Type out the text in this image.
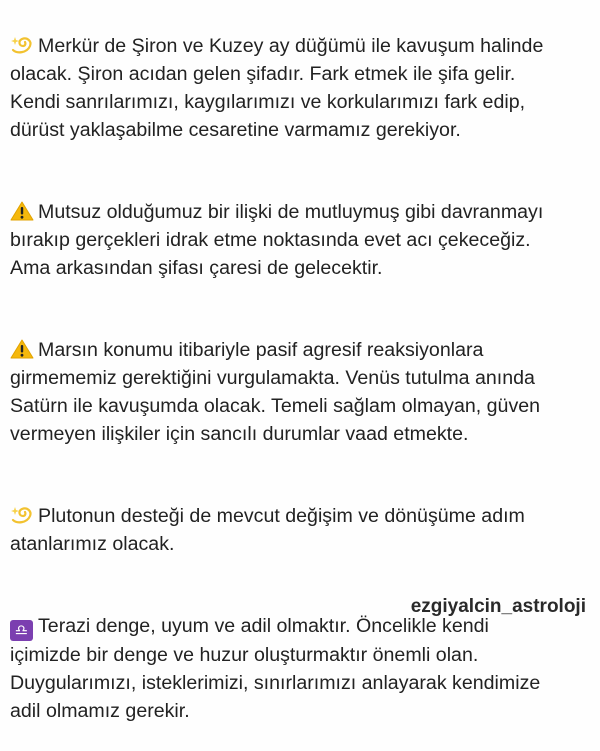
Merkür de Şiron ve Kuzey ay düğümü ile kavuşum halinde
olacak. Şiron acıdan gelen şifadır. Fark etmek ile şifa gelir.
Kendi sanrılarımızı, kaygılarımızı ve korkularımızı fark edip,
dürüst yaklaşabilme cesaretine varmamız gerekiyor.

Mutsuz olduğumuz bir ilişki de mutluymuş gibi davranmayı
bırakıp gerçekleri idrak etme noktasında evet acı çekeceğiz.
Ama arkasından şifası çaresi de gelecektir.

Marsın konumu itibariyle pasif agresif reaksiyonlara
girmememiz gerektiğini vurgulamakta. Venüs tutulma anında
Satürn ile kavuşumda olacak. Temeli sağlam olmayan, güven
vermeyen ilişkiler için sancılı durumlar vaad etmekte.

Plutonun desteği de mevcut değişim ve dönüşüme adım
atanlarımız olacak.

♎ Terazi denge, uyum ve adil olmaktır. Öncelikle kendi
içimizde bir denge ve huzur oluşturmaktır önemli olan.
Duygularımızı, isteklerimizi, sınırlarımızı anlayarak kendimize
adil olmamız gerekir.

ezgiyalcin_astroloji
